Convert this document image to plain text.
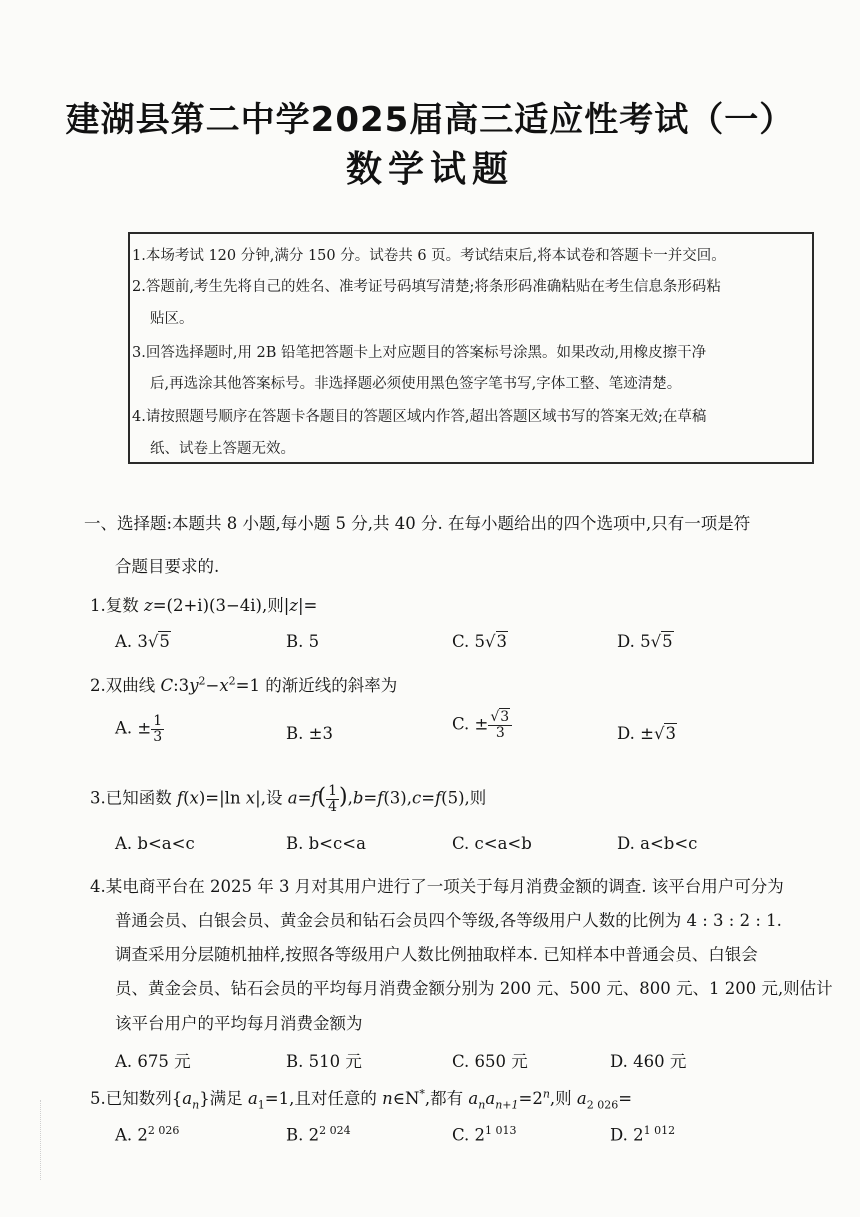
建湖县第二中学2025届高三适应性考试（一）
数学试题
1.本场考试 120 分钟,满分 150 分。试卷共 6 页。考试结束后,将本试卷和答题卡一并交回。
2.答题前,考生先将自己的姓名、准考证号码填写清楚;将条形码准确粘贴在考生信息条形码粘
贴区。
3.回答选择题时,用 2B 铅笔把答题卡上对应题目的答案标号涂黑。如果改动,用橡皮擦干净
后,再选涂其他答案标号。非选择题必须使用黑色签字笔书写,字体工整、笔迹清楚。
4.请按照题号顺序在答题卡各题目的答题区域内作答,超出答题区域书写的答案无效;在草稿
纸、试卷上答题无效。
一、选择题:本题共 8 小题,每小题 5 分,共 40 分. 在每小题给出的四个选项中,只有一项是符
合题目要求的.
1.复数 z=(2+i)(3−4i),则|z|=
A. 3√5	B. 5	C. 5√3	D. 5√5
2.双曲线 $C:3y^2-x^2=1$ 的渐近线的斜率为
A. ± $\frac{1}{3}$	B. ±3	C. ± $\frac{√3}{3}$	D. ±√3
3.已知函数 f(x)=|ln x|,设 $a=f( \frac{1}{4} ),b=f(3),c=f(5)$,则
A. b<a<c	B. b<c<a	C. c<a<b	D. a<b<c
4.某电商平台在 2025 年 3 月对其用户进行了一项关于每月消费金额的调查. 该平台用户可分为
普通会员、白银会员、黄金会员和钻石会员四个等级,各等级用户人数的比例为 4 : 3 : 2 : 1.
调查采用分层随机抽样,按照各等级用户人数比例抽取样本. 已知样本中普通会员、白银会
员、黄金会员、钻石会员的平均每月消费金额分别为 200 元、500 元、800 元、1 200 元,则估计
该平台用户的平均每月消费金额为
A. 675 元	B. 510 元	C. 650 元	D. 460 元
5.已知数列$\{a_n\}$满足 $a_1=1$,且对任意的 n∈N*,都有 $a_na_{n+1}=2^n$,则 $a_{2 026}=$
A. $2^{2 026}$	B. $2^{2 024}$	C. $2^{1 013}$	D. $2^{1 012}$
